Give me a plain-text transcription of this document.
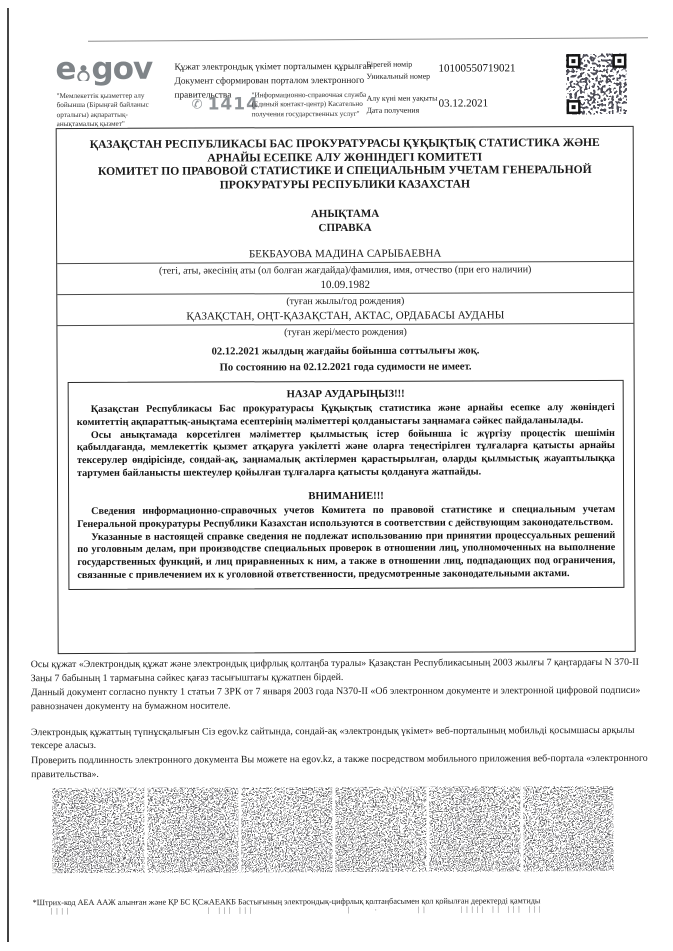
e gov Құжат электрондық үкімет порталымен құрылған
Документ сформирован порталом электронного правительства
"Мемлекеттік қызметтер алу бойынша (Бірыңғай байланыс орталығы) ақпараттық-анықтамалық қызмет"
✆ 1414
"Информационно-справочная служба (Единый контакт-центр) Касательно получения государственных услуг"
Бірегей нөмір
Уникальный номер
10100550719021
Алу күні мен уақыты
Дата получения
03.12.2021
ҚАЗАҚСТАН РЕСПУБЛИКАСЫ БАС ПРОКУРАТУРАСЫ ҚҰҚЫҚТЫҚ СТАТИСТИКА ЖӘНЕ АРНАЙЫ ЕСЕПКЕ АЛУ ЖӨНІНДЕГІ КОМИТЕТІ
КОМИТЕТ ПО ПРАВОВОЙ СТАТИСТИКЕ И СПЕЦИАЛЬНЫМ УЧЕТАМ ГЕНЕРАЛЬНОЙ ПРОКУРАТУРЫ РЕСПУБЛИКИ КАЗАХСТАН
АНЫҚТАМА
СПРАВКА
БЕКБАУОВА МАДИНА САРЫБАЕВНА
(тегі, аты, әкесінің аты (ол болған жағдайда)/фамилия, имя, отчество (при его наличии)
10.09.1982
(туған жылы/год рождения)
ҚАЗАҚСТАН, ОҢТ-ҚАЗАҚСТАН, АКТАС, ОРДАБАСЫ АУДАНЫ
(туған жері/место рождения)
02.12.2021 жылдың жағдайы бойынша соттылығы жоқ.
По состоянию на 02.12.2021 года судимости не имеет.
НАЗАР АУДАРЫҢЫЗ!!!

Қазақстан Республикасы Бас прокуратурасы Құқықтық статистика және арнайы есепке алу жөніндегі комитеттің ақпараттық-анықтама есептерінің мәліметтері қолданыстағы заңнамаға сәйкес пайдаланылады.

Осы анықтамада көрсетілген мәліметтер қылмыстық істер бойынша іс жүргізу процестік шешімін қабылдағанда, мемлекеттік қызмет атқаруға уәкілетті және оларға теңестірілген тұлғаларға қатысты арнайы тексерулер өндірісінде, сондай-ақ, заңнамалық актілермен қарастырылған, оларды қылмыстық жауаптылыққа тартумен байланысты шектеулер қойылған тұлғаларға қатысты қолдануға жатпайды.

ВНИМАНИЕ!!!

Сведения информационно-справочных учетов Комитета по правовой статистике и специальным учетам Генеральной прокуратуры Республики Казахстан используются в соответствии с действующим законодательством.

Указанные в настоящей справке сведения не подлежат использованию при принятии процессуальных решений по уголовным делам, при производстве специальных проверок в отношении лиц, уполномоченных на выполнение государственных функций, и лиц приравненных к ним, а также в отношении лиц, подпадающих под ограничения, связанные с привлечением их к уголовной ответственности, предусмотренные законодательными актами.

Осы құжат «Электрондық құжат және электрондық цифрлық қолтаңба туралы» Қазақстан Республикасының 2003 жылғы 7 қаңтардағы N 370-II Заңы 7 бабының 1 тармағына сәйкес қағаз тасығыштағы құжатпен бірдей.

Данный документ согласно пункту 1 статьи 7 ЗРК от 7 января 2003 года N370-II «Об электронном документе и электронной цифровой подписи» равнозначен документу на бумажном носителе.

Электрондық құжаттың түпнұсқалығын Сіз egov.kz сайтында, сондай-ақ «электрондық үкімет» веб-порталының мобильді қосымшасы арқылы тексере аласыз.

Проверить подлинность электронного документа Вы можете на egov.kz, а также посредством мобильного приложения веб-портала «электронного правительства».

*Штрих-код АЕА ААЖ алынған және ҚР БС ҚСжАЕАКБ Бастығының электрондық-цифрлық қолтаңбасымен қол қойылған деректерді қамтиды
||||	| ||| |||	|	·	||	||||| || ||| |||
